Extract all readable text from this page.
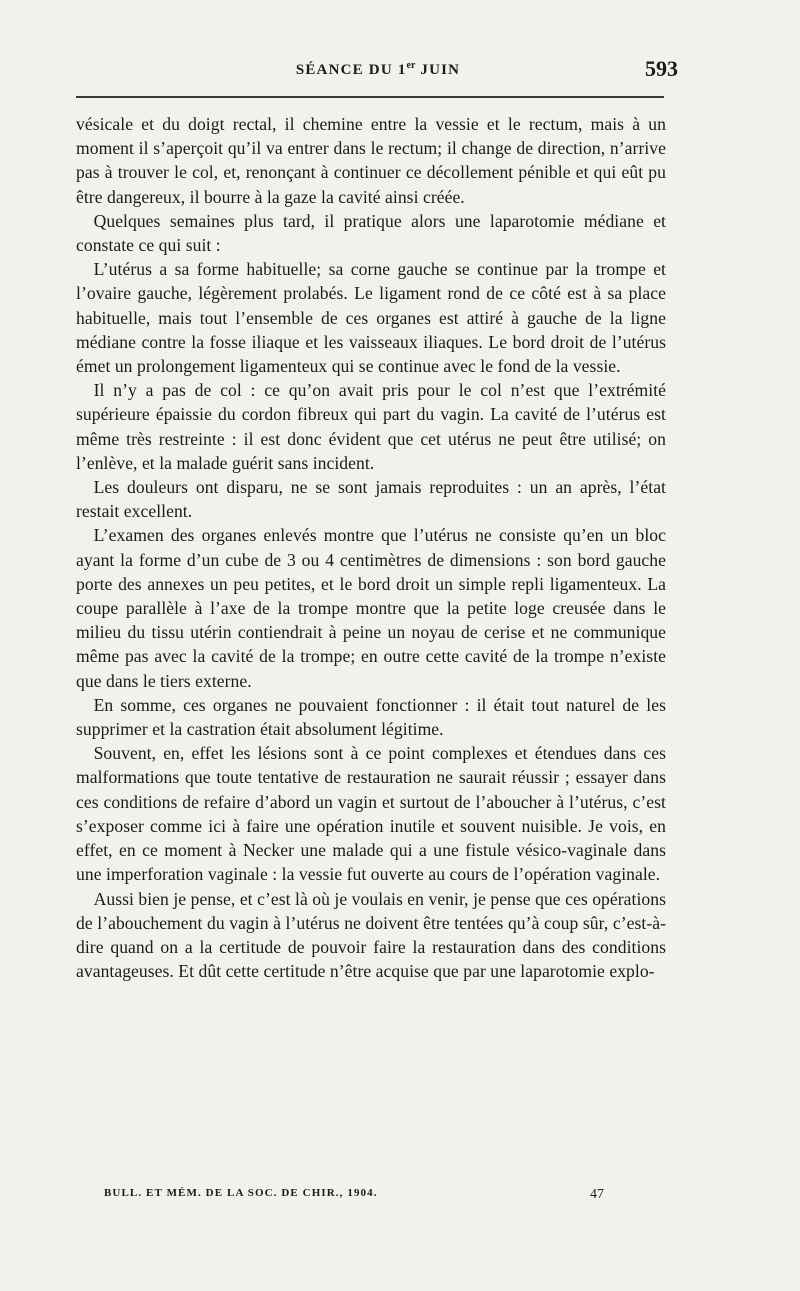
SÉANCE DU 1er JUIN	593

vésicale et du doigt rectal, il chemine entre la vessie et le rectum, mais à un moment il s’aperçoit qu’il va entrer dans le rectum; il change de direction, n’arrive pas à trouver le col, et, renonçant à continuer ce décollement pénible et qui eût pu être dangereux, il bourre à la gaze la cavité ainsi créée.

Quelques semaines plus tard, il pratique alors une laparotomie médiane et constate ce qui suit :

L’utérus a sa forme habituelle; sa corne gauche se continue par la trompe et l’ovaire gauche, légèrement prolabés. Le ligament rond de ce côté est à sa place habituelle, mais tout l’ensemble de ces organes est attiré à gauche de la ligne médiane contre la fosse iliaque et les vaisseaux iliaques. Le bord droit de l’utérus émet un prolongement ligamenteux qui se continue avec le fond de la vessie.

Il n’y a pas de col : ce qu’on avait pris pour le col n’est que l’extrémité supérieure épaissie du cordon fibreux qui part du vagin. La cavité de l’utérus est même très restreinte : il est donc évident que cet utérus ne peut être utilisé; on l’enlève, et la malade guérit sans incident.

Les douleurs ont disparu, ne se sont jamais reproduites : un an après, l’état restait excellent.

L’examen des organes enlevés montre que l’utérus ne consiste qu’en un bloc ayant la forme d’un cube de 3 ou 4 centimètres de dimensions : son bord gauche porte des annexes un peu petites, et le bord droit un simple repli ligamenteux. La coupe parallèle à l’axe de la trompe montre que la petite loge creusée dans le milieu du tissu utérin contiendrait à peine un noyau de cerise et ne communique même pas avec la cavité de la trompe; en outre cette cavité de la trompe n’existe que dans le tiers externe.

En somme, ces organes ne pouvaient fonctionner : il était tout naturel de les supprimer et la castration était absolument légitime.

Souvent, en, effet les lésions sont à ce point complexes et étendues dans ces malformations que toute tentative de restauration ne saurait réussir ; essayer dans ces conditions de refaire d’abord un vagin et surtout de l’aboucher à l’utérus, c’est s’exposer comme ici à faire une opération inutile et souvent nuisible. Je vois, en effet, en ce moment à Necker une malade qui a une fistule vésico-vaginale dans une imperforation vaginale : la vessie fut ouverte au cours de l’opération vaginale.

Aussi bien je pense, et c’est là où je voulais en venir, je pense que ces opérations de l’abouchement du vagin à l’utérus ne doivent être tentées qu’à coup sûr, c’est-à-dire quand on a la certitude de pouvoir faire la restauration dans des conditions avantageuses. Et dût cette certitude n’être acquise que par une laparotomie explo-

BULL. ET MÉM. DE LA SOC. DE CHIR., 1904.	47
